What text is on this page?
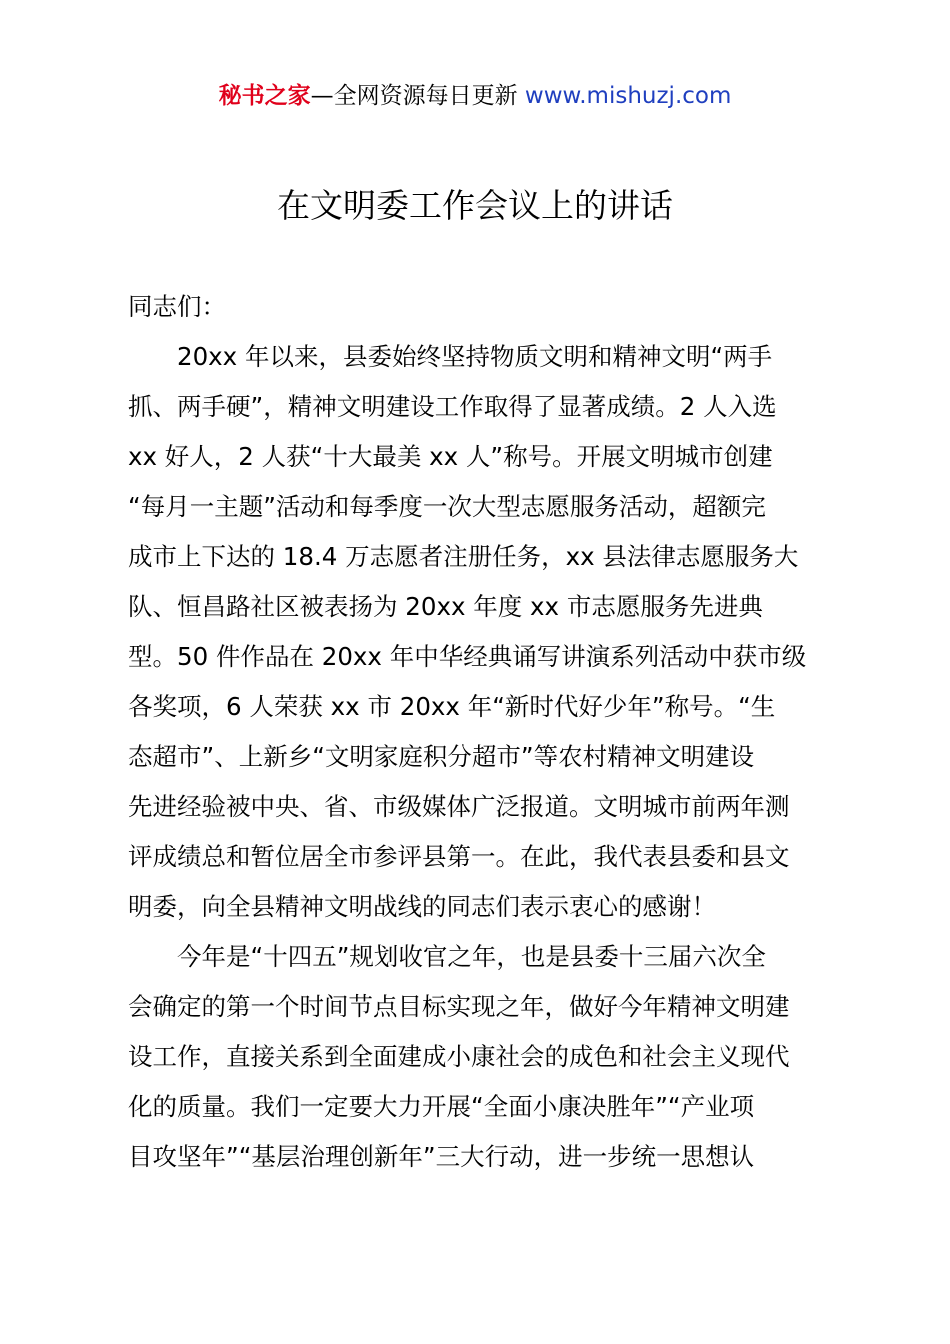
秘书之家—全网资源每日更新 www.mishuzj.com
在文明委工作会议上的讲话
同志们：
20xx 年以来，县委始终坚持物质文明和精神文明“两手
抓、两手硬”，精神文明建设工作取得了显著成绩。2 人入选
xx 好人，2 人获“十大最美 xx 人”称号。开展文明城市创建
“每月一主题”活动和每季度一次大型志愿服务活动，超额完
成市上下达的 18.4 万志愿者注册任务，xx 县法律志愿服务大
队、恒昌路社区被表扬为 20xx 年度 xx 市志愿服务先进典
型。50 件作品在 20xx 年中华经典诵写讲演系列活动中获市级
各奖项，6 人荣获 xx 市 20xx 年“新时代好少年”称号。“生
态超市”、上新乡“文明家庭积分超市”等农村精神文明建设
先进经验被中央、省、市级媒体广泛报道。文明城市前两年测
评成绩总和暂位居全市参评县第一。在此，我代表县委和县文
明委，向全县精神文明战线的同志们表示衷心的感谢！
今年是“十四五”规划收官之年，也是县委十三届六次全
会确定的第一个时间节点目标实现之年，做好今年精神文明建
设工作，直接关系到全面建成小康社会的成色和社会主义现代
化的质量。我们一定要大力开展“全面小康决胜年”“产业项
目攻坚年”“基层治理创新年”三大行动，进一步统一思想认
